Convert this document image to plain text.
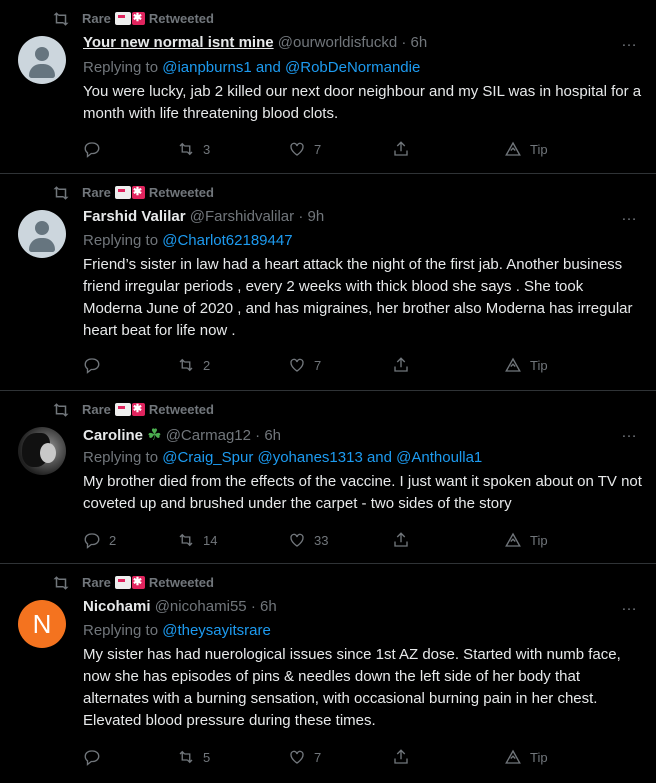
Rare ✱	Retweeted
Your new normal isnt mine @ourworldisfuckd · 6h	…
Replying to @ianpburns1 and @RobDeNormandie
You were lucky, jab 2 killed our next door neighbour and my SIL was in hospital for a month with life threatening blood clots.
3	7	Tip
Rare ✱	Retweeted
Farshid Valilar @Farshidvalilar · 9h	…
Replying to @Charlot62189447
Friend’s sister in law had a heart attack the night of the first jab. Another business friend irregular periods , every 2 weeks with thick blood she says . She took Moderna June of 2020 , and has migraines, her brother also Moderna has irregular heart beat for life now .
2	7	Tip
Rare ✱	Retweeted
Caroline ☘ @Carmag12 · 6h	…
Replying to @Craig_Spur @yohanes1313 and @Anthoulla1
My brother died from the effects of the vaccine. I just want it spoken about on TV not coveted up and brushed under the carpet - two sides of the story
2	14	33	Tip
Rare ✱	Retweeted
N
Nicohami @nicohami55 · 6h	…
Replying to @theysayitsrare
My sister has had nuerological issues since 1st AZ dose. Started with numb face, now she has episodes of pins & needles down the left side of her body that alternates with a burning sensation, with occasional burning pain in her chest. Elevated blood pressure during these times.
5	7	Tip
